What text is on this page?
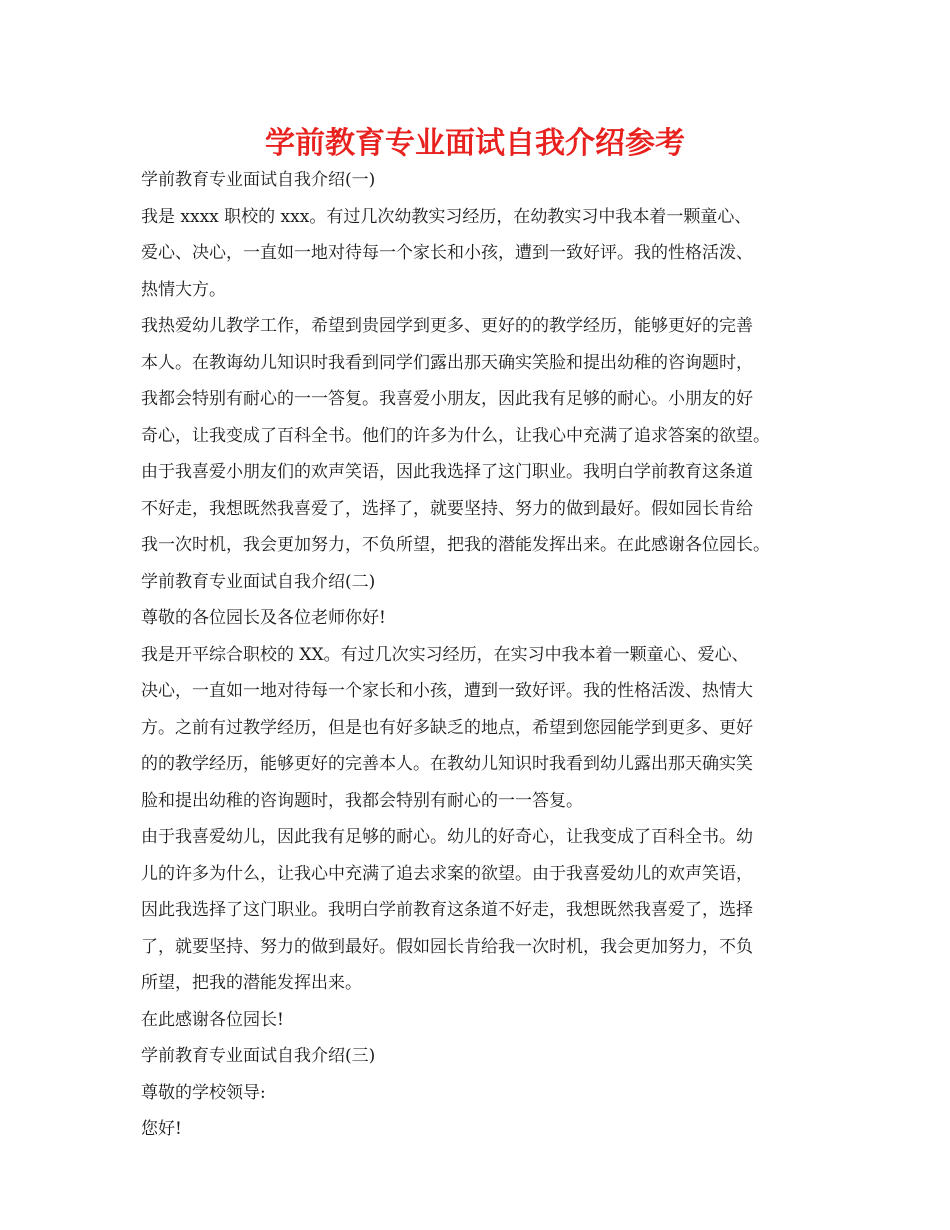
学前教育专业面试自我介绍参考
学前教育专业面试自我介绍(一)
我是 xxxx 职校的 xxx。有过几次幼教实习经历，在幼教实习中我本着一颗童心、
爱心、决心，一直如一地对待每一个家长和小孩，遭到一致好评。我的性格活泼、
热情大方。
我热爱幼儿教学工作，希望到贵园学到更多、更好的的教学经历，能够更好的完善
本人。在教诲幼儿知识时我看到同学们露出那天确实笑脸和提出幼稚的咨询题时，
我都会特别有耐心的一一答复。我喜爱小朋友，因此我有足够的耐心。小朋友的好
奇心，让我变成了百科全书。他们的许多为什么，让我心中充满了追求答案的欲望。
由于我喜爱小朋友们的欢声笑语，因此我选择了这门职业。我明白学前教育这条道
不好走，我想既然我喜爱了，选择了，就要坚持、努力的做到最好。假如园长肯给
我一次时机，我会更加努力，不负所望，把我的潜能发挥出来。在此感谢各位园长。
学前教育专业面试自我介绍(二)
尊敬的各位园长及各位老师你好!
我是开平综合职校的 XX。有过几次实习经历，在实习中我本着一颗童心、爱心、
决心，一直如一地对待每一个家长和小孩，遭到一致好评。我的性格活泼、热情大
方。之前有过教学经历，但是也有好多缺乏的地点，希望到您园能学到更多、更好
的的教学经历，能够更好的完善本人。在教幼儿知识时我看到幼儿露出那天确实笑
脸和提出幼稚的咨询题时，我都会特别有耐心的一一答复。
由于我喜爱幼儿，因此我有足够的耐心。幼儿的好奇心，让我变成了百科全书。幼
儿的许多为什么，让我心中充满了追去求案的欲望。由于我喜爱幼儿的欢声笑语，
因此我选择了这门职业。我明白学前教育这条道不好走，我想既然我喜爱了，选择
了，就要坚持、努力的做到最好。假如园长肯给我一次时机，我会更加努力，不负
所望，把我的潜能发挥出来。
在此感谢各位园长!
学前教育专业面试自我介绍(三)
尊敬的学校领导:
您好!
